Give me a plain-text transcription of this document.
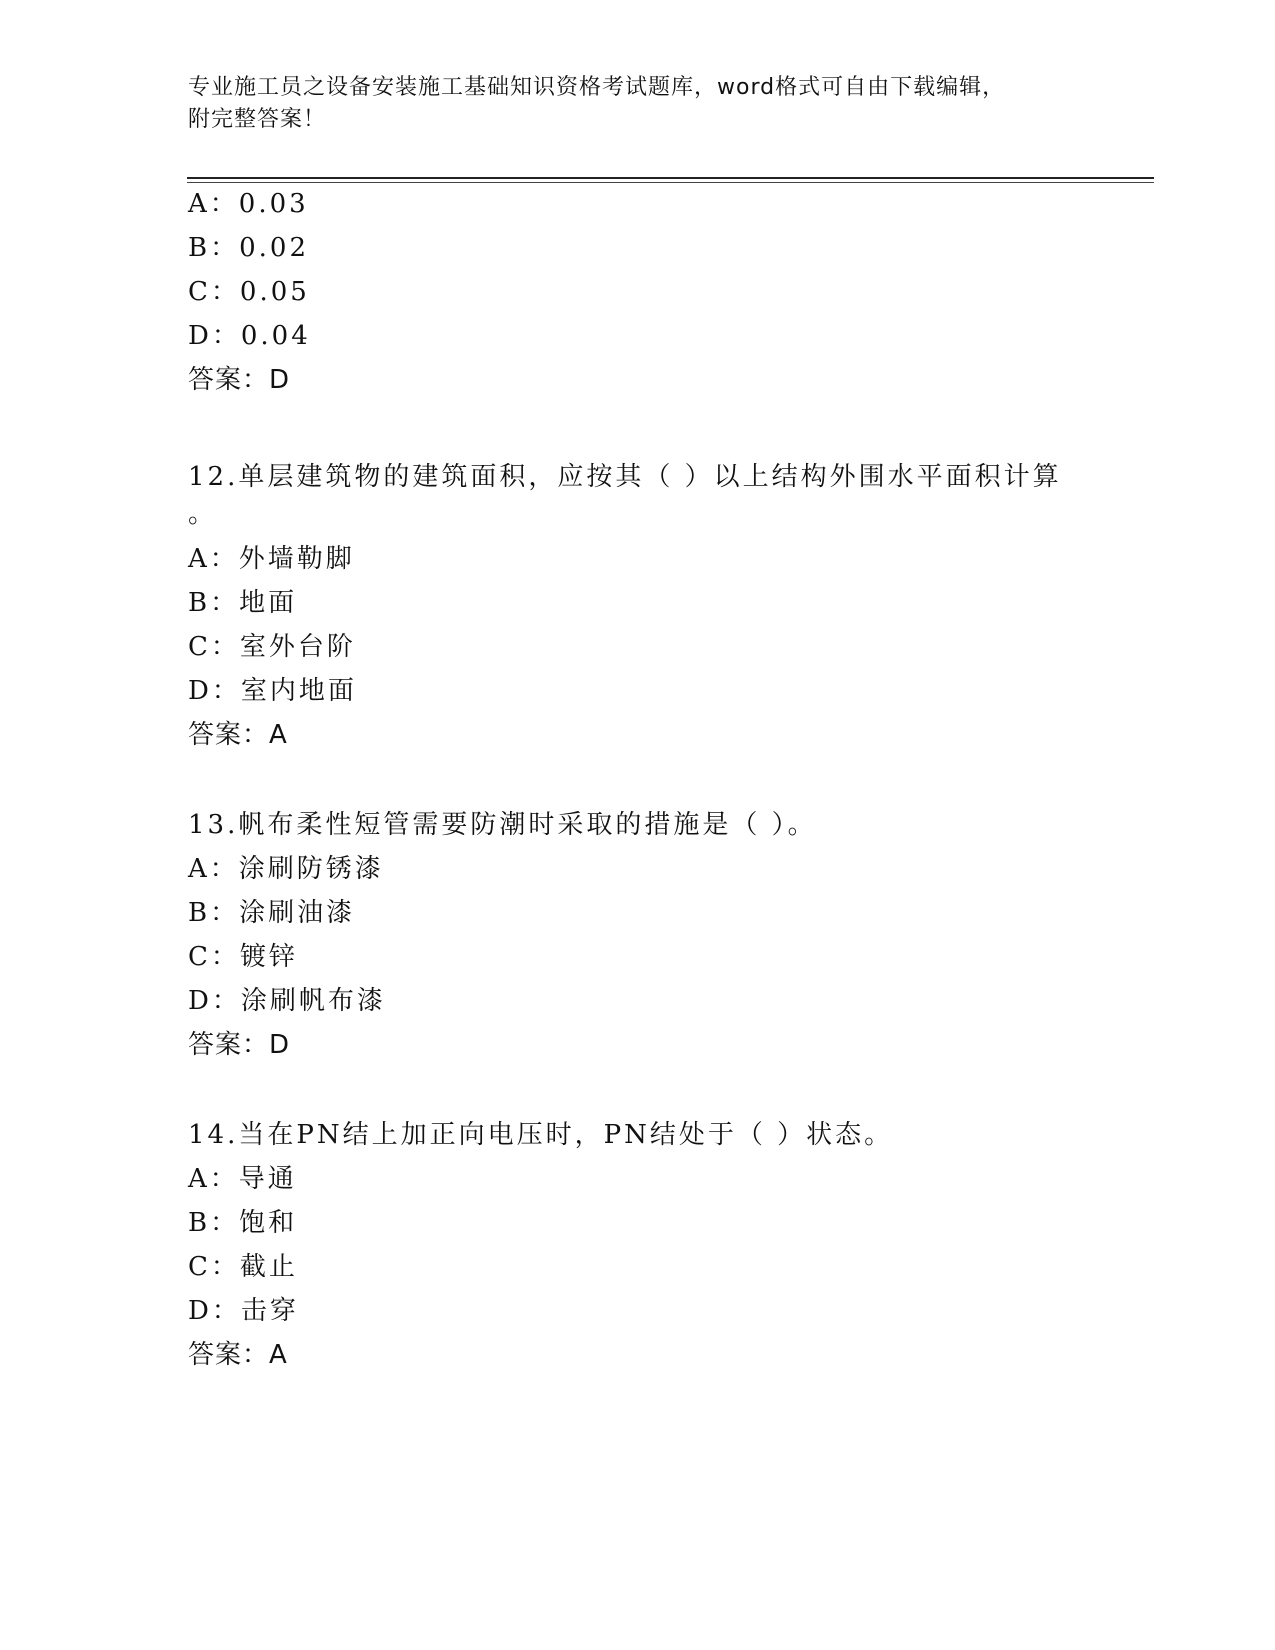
专业施工员之设备安装施工基础知识资格考试题库，word格式可自由下载编辑，
附完整答案！
A：0.03
B：0.02
C：0.05
D：0.04
答案：D
12.单层建筑物的建筑面积，应按其（ ）以上结构外围水平面积计算
。
A：外墙勒脚
B：地面
C：室外台阶
D：室内地面
答案：A
13.帆布柔性短管需要防潮时采取的措施是（ ）。
A：涂刷防锈漆
B：涂刷油漆
C：镀锌
D：涂刷帆布漆
答案：D
14.当在PN结上加正向电压时，PN结处于（ ）状态。
A：导通
B：饱和
C：截止
D：击穿
答案：A
